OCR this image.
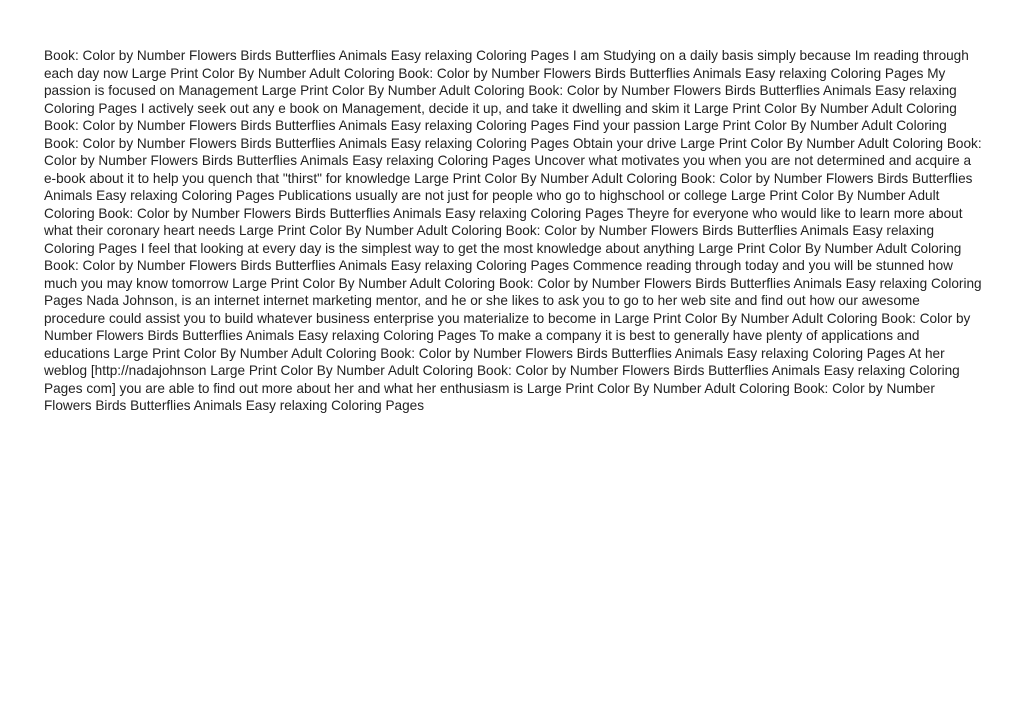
Book: Color by Number Flowers Birds Butterflies Animals Easy relaxing Coloring Pages I am Studying on a daily basis simply because Im reading through each day now Large Print Color By Number Adult Coloring Book: Color by Number Flowers Birds Butterflies Animals Easy relaxing Coloring Pages My passion is focused on Management Large Print Color By Number Adult Coloring Book: Color by Number Flowers Birds Butterflies Animals Easy relaxing Coloring Pages I actively seek out any e book on Management, decide it up, and take it dwelling and skim it Large Print Color By Number Adult Coloring Book: Color by Number Flowers Birds Butterflies Animals Easy relaxing Coloring Pages Find your passion Large Print Color By Number Adult Coloring Book: Color by Number Flowers Birds Butterflies Animals Easy relaxing Coloring Pages Obtain your drive Large Print Color By Number Adult Coloring Book: Color by Number Flowers Birds Butterflies Animals Easy relaxing Coloring Pages Uncover what motivates you when you are not determined and acquire a e-book about it to help you quench that "thirst" for knowledge Large Print Color By Number Adult Coloring Book: Color by Number Flowers Birds Butterflies Animals Easy relaxing Coloring Pages Publications usually are not just for people who go to highschool or college Large Print Color By Number Adult Coloring Book: Color by Number Flowers Birds Butterflies Animals Easy relaxing Coloring Pages Theyre for everyone who would like to learn more about what their coronary heart needs Large Print Color By Number Adult Coloring Book: Color by Number Flowers Birds Butterflies Animals Easy relaxing Coloring Pages I feel that looking at every day is the simplest way to get the most knowledge about anything Large Print Color By Number Adult Coloring Book: Color by Number Flowers Birds Butterflies Animals Easy relaxing Coloring Pages Commence reading through today and you will be stunned how much you may know tomorrow Large Print Color By Number Adult Coloring Book: Color by Number Flowers Birds Butterflies Animals Easy relaxing Coloring Pages Nada Johnson, is an internet internet marketing mentor, and he or she likes to ask you to go to her web site and find out how our awesome procedure could assist you to build whatever business enterprise you materialize to become in Large Print Color By Number Adult Coloring Book: Color by Number Flowers Birds Butterflies Animals Easy relaxing Coloring Pages To make a company it is best to generally have plenty of applications and educations Large Print Color By Number Adult Coloring Book: Color by Number Flowers Birds Butterflies Animals Easy relaxing Coloring Pages At her weblog [http://nadajohnson Large Print Color By Number Adult Coloring Book: Color by Number Flowers Birds Butterflies Animals Easy relaxing Coloring Pages com] you are able to find out more about her and what her enthusiasm is Large Print Color By Number Adult Coloring Book: Color by Number Flowers Birds Butterflies Animals Easy relaxing Coloring Pages
